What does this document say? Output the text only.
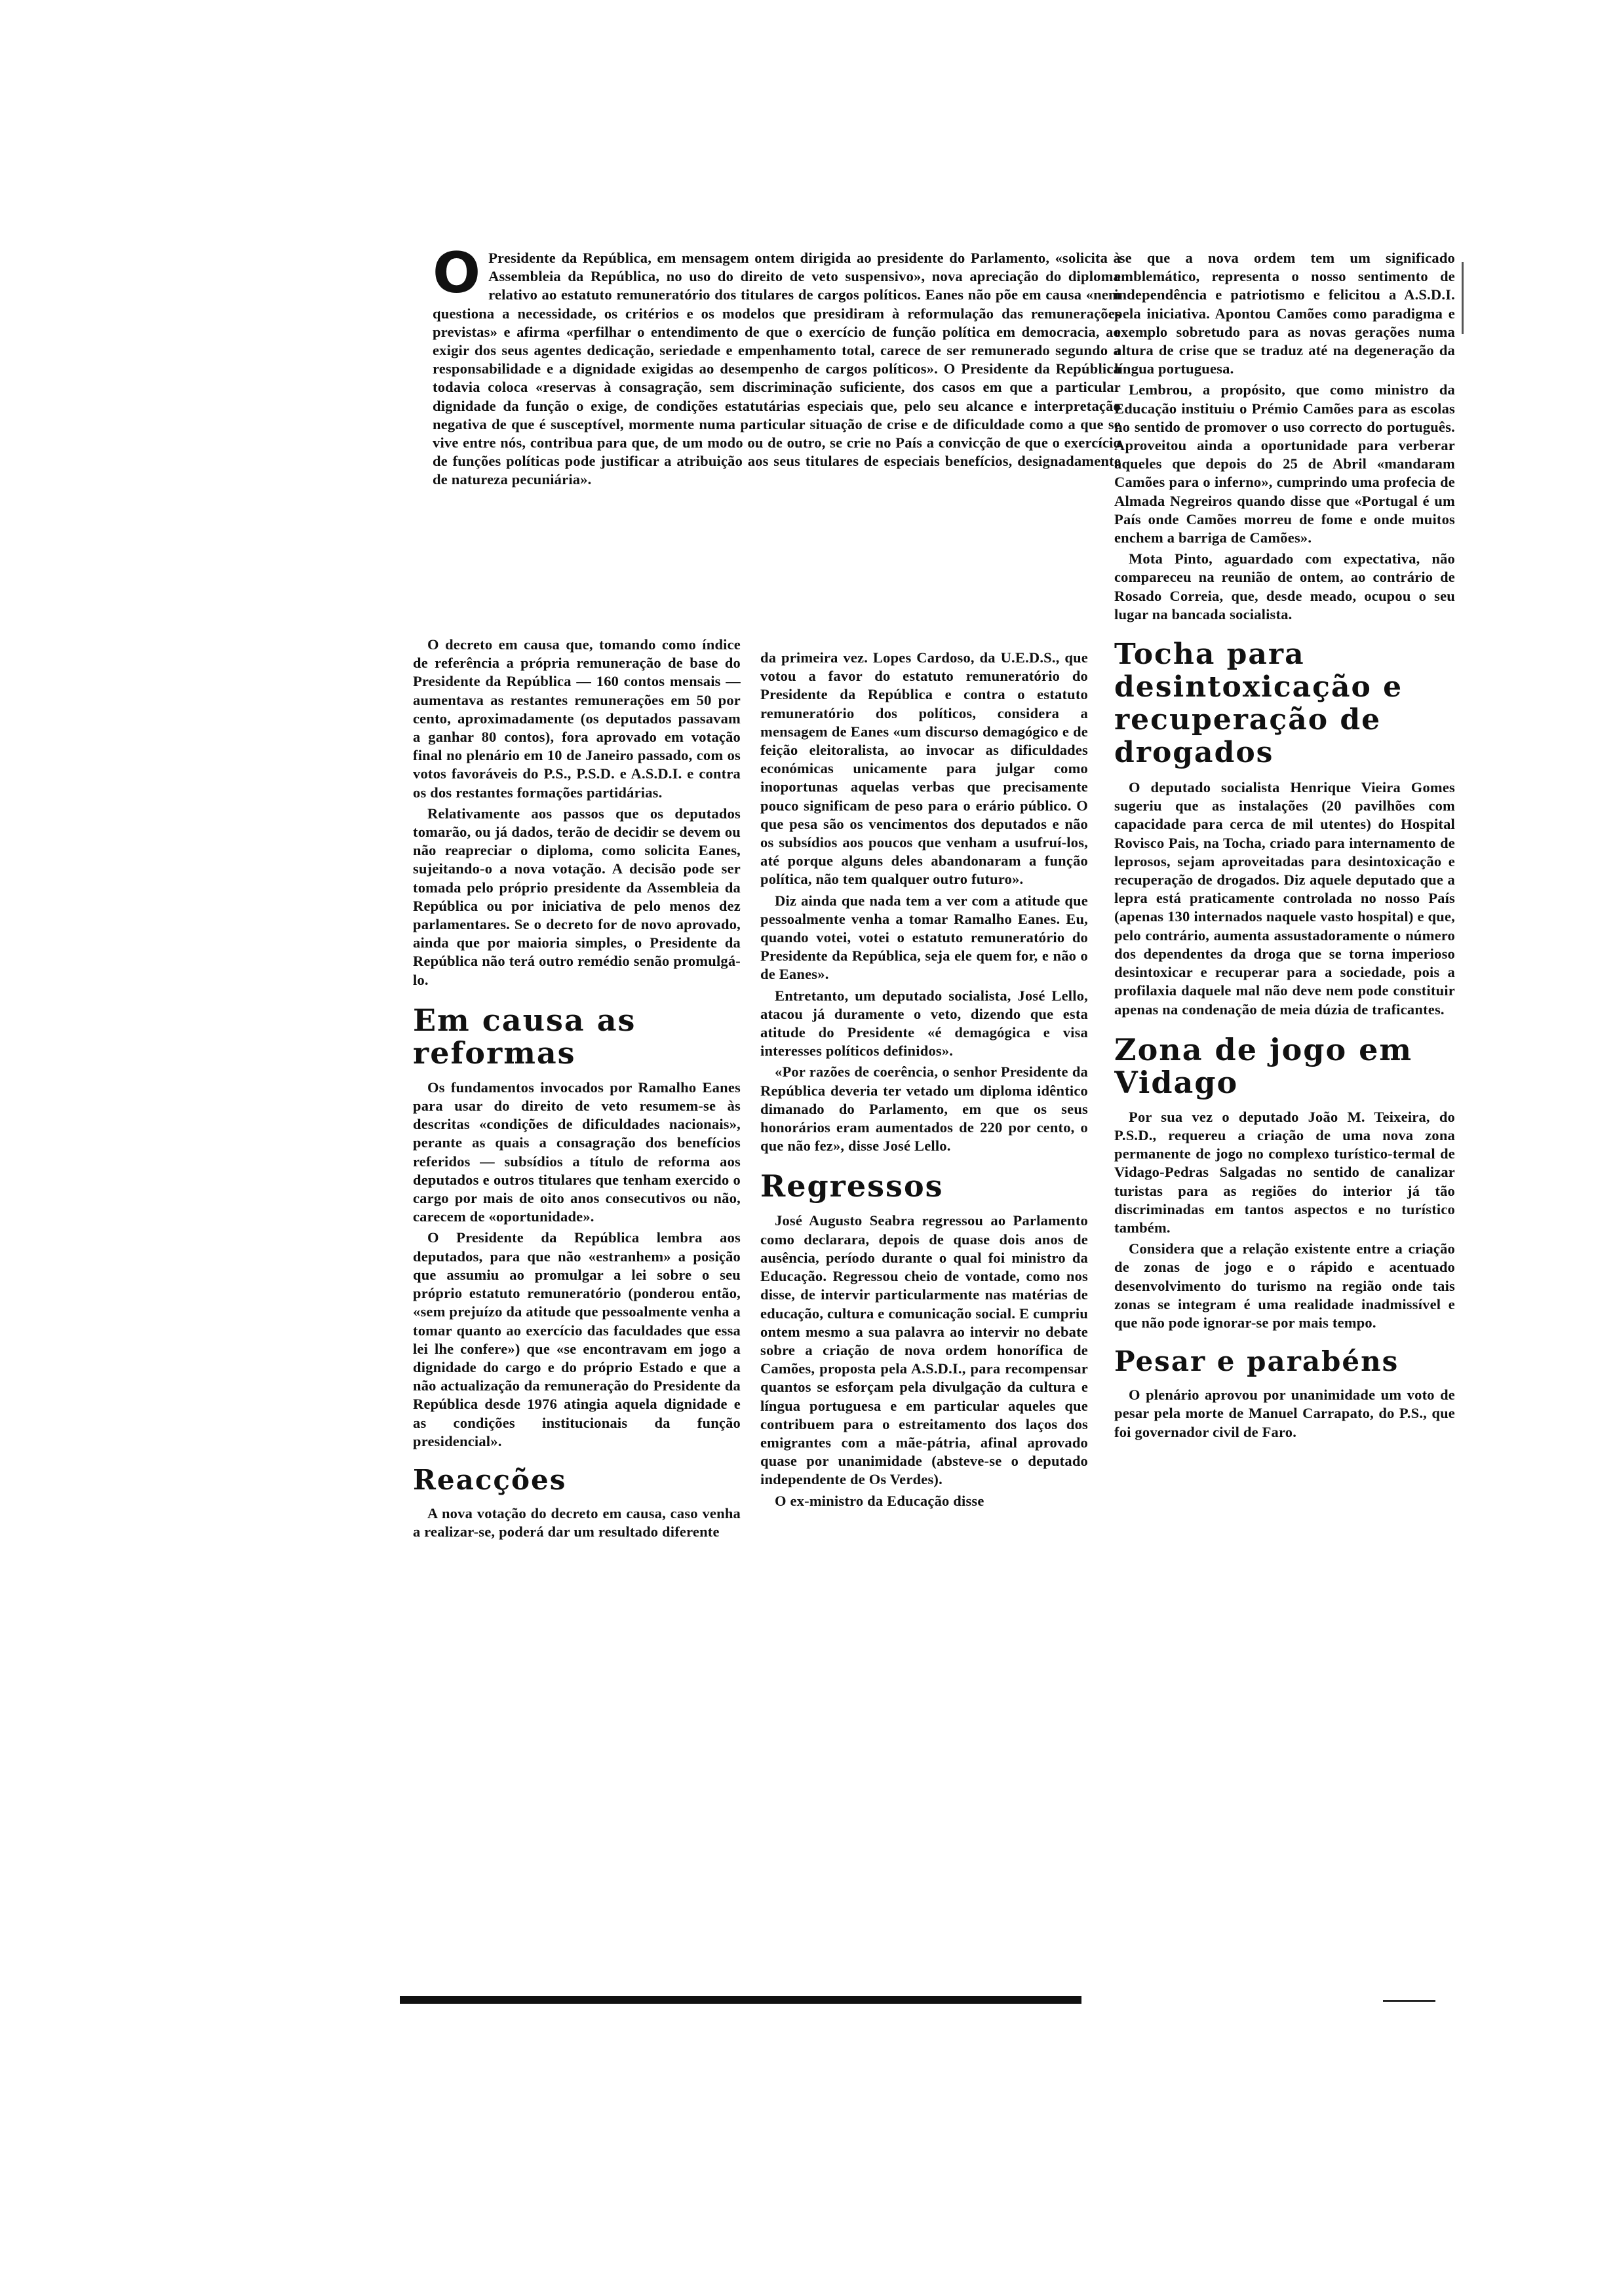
O Presidente da República, em mensagem ontem dirigida ao presidente do Parlamento, «solicita à Assembleia da República, no uso do direito de veto suspensivo», nova apreciação do diploma relativo ao estatuto remuneratório dos titulares de cargos políticos. Eanes não põe em causa «nem questiona a necessidade, os critérios e os modelos que presidiram à reformulação das remunerações previstas» e afirma «perfilhar o entendimento de que o exercício de função política em democracia, ao exigir dos seus agentes dedicação, seriedade e empenhamento total, carece de ser remunerado segundo a responsabilidade e a dignidade exigidas ao desempenho de cargos políticos». O Presidente da República todavia coloca «reservas à consagração, sem discriminação suficiente, dos casos em que a particular dignidade da função o exige, de condições estatutárias especiais que, pelo seu alcance e interpretação negativa de que é susceptível, mormente numa particular situação de crise e de dificuldade como a que se vive entre nós, contribua para que, de um modo ou de outro, se crie no País a convicção de que o exercício de funções políticas pode justificar a atribuição aos seus titulares de especiais benefícios, designadamente de natureza pecuniária».

O decreto em causa que, tomando como índice de referência a própria remuneração de base do Presidente da República — 160 contos mensais — aumentava as restantes remunerações em 50 por cento, aproximadamente (os deputados passavam a ganhar 80 contos), fora aprovado em votação final no plenário em 10 de Janeiro passado, com os votos favoráveis do P.S., P.S.D. e A.S.D.I. e contra os dos restantes formações partidárias.

Relativamente aos passos que os deputados tomarão, ou já dados, terão de decidir se devem ou não reapreciar o diploma, como solicita Eanes, sujeitando-o a nova votação. A decisão pode ser tomada pelo próprio presidente da Assembleia da República ou por iniciativa de pelo menos dez parlamentares. Se o decreto for de novo aprovado, ainda que por maioria simples, o Presidente da República não terá outro remédio senão promulgá-lo.

Em causa as reformas

Os fundamentos invocados por Ramalho Eanes para usar do direito de veto resumem-se às descritas «condições de dificuldades nacionais», perante as quais a consagração dos benefícios referidos — subsídios a título de reforma aos deputados e outros titulares que tenham exercido o cargo por mais de oito anos consecutivos ou não, carecem de «oportunidade».

O Presidente da República lembra aos deputados, para que não «estranhem» a posição que assumiu ao promulgar a lei sobre o seu próprio estatuto remuneratório (ponderou então, «sem prejuízo da atitude que pessoalmente venha a tomar quanto ao exercício das faculdades que essa lei lhe confere») que «se encontravam em jogo a dignidade do cargo e do próprio Estado e que a não actualização da remuneração do Presidente da República desde 1976 atingia aquela dignidade e as condições institucionais da função presidencial».

Reacções

A nova votação do decreto em causa, caso venha a realizar-se, poderá dar um resultado diferente

da primeira vez. Lopes Cardoso, da U.E.D.S., que votou a favor do estatuto remuneratório do Presidente da República e contra o estatuto remuneratório dos políticos, considera a mensagem de Eanes «um discurso demagógico e de feição eleitoralista, ao invocar as dificuldades económicas unicamente para julgar como inoportunas aquelas verbas que precisamente pouco significam de peso para o erário público. O que pesa são os vencimentos dos deputados e não os subsídios aos poucos que venham a usufruí-los, até porque alguns deles abandonaram a função política, não tem qualquer outro futuro».

Diz ainda que nada tem a ver com a atitude que pessoalmente venha a tomar Ramalho Eanes. Eu, quando votei, votei o estatuto remuneratório do Presidente da República, seja ele quem for, e não o de Eanes».

Entretanto, um deputado socialista, José Lello, atacou já duramente o veto, dizendo que esta atitude do Presidente «é demagógica e visa interesses políticos definidos».

«Por razões de coerência, o senhor Presidente da República deveria ter vetado um diploma idêntico dimanado do Parlamento, em que os seus honorários eram aumentados de 220 por cento, o que não fez», disse José Lello.

Regressos

José Augusto Seabra regressou ao Parlamento como declarara, depois de quase dois anos de ausência, período durante o qual foi ministro da Educação. Regressou cheio de vontade, como nos disse, de intervir particularmente nas matérias de educação, cultura e comunicação social. E cumpriu ontem mesmo a sua palavra ao intervir no debate sobre a criação de nova ordem honorífica de Camões, proposta pela A.S.D.I., para recompensar quantos se esforçam pela divulgação da cultura e língua portuguesa e em particular aqueles que contribuem para o estreitamento dos laços dos emigrantes com a mãe-pátria, afinal aprovado quase por unanimidade (absteve-se o deputado independente de Os Verdes).

O ex-ministro da Educação disse

-se que a nova ordem tem um significado emblemático, representa o nosso sentimento de independência e patriotismo e felicitou a A.S.D.I. pela iniciativa. Apontou Camões como paradigma e exemplo sobretudo para as novas gerações numa altura de crise que se traduz até na degeneração da língua portuguesa.

Lembrou, a propósito, que como ministro da Educação instituiu o Prémio Camões para as escolas no sentido de promover o uso correcto do português. Aproveitou ainda a oportunidade para verberar aqueles que depois do 25 de Abril «mandaram Camões para o inferno», cumprindo uma profecia de Almada Negreiros quando disse que «Portugal é um País onde Camões morreu de fome e onde muitos enchem a barriga de Camões».

Mota Pinto, aguardado com expectativa, não compareceu na reunião de ontem, ao contrário de Rosado Correia, que, desde meado, ocupou o seu lugar na bancada socialista.

Tocha para desintoxicação e recuperação de drogados

O deputado socialista Henrique Vieira Gomes sugeriu que as instalações (20 pavilhões com capacidade para cerca de mil utentes) do Hospital Rovisco Pais, na Tocha, criado para internamento de leprosos, sejam aproveitadas para desintoxicação e recuperação de drogados. Diz aquele deputado que a lepra está praticamente controlada no nosso País (apenas 130 internados naquele vasto hospital) e que, pelo contrário, aumenta assustadoramente o número dos dependentes da droga que se torna imperioso desintoxicar e recuperar para a sociedade, pois a profilaxia daquele mal não deve nem pode constituir apenas na condenação de meia dúzia de traficantes.

Zona de jogo em Vidago

Por sua vez o deputado João M. Teixeira, do P.S.D., requereu a criação de uma nova zona permanente de jogo no complexo turístico-termal de Vidago-Pedras Salgadas no sentido de canalizar turistas para as regiões do interior já tão discriminadas em tantos aspectos e no turístico também.

Considera que a relação existente entre a criação de zonas de jogo e o rápido e acentuado desenvolvimento do turismo na região onde tais zonas se integram é uma realidade inadmissível e que não pode ignorar-se por mais tempo.

Pesar e parabéns

O plenário aprovou por unanimidade um voto de pesar pela morte de Manuel Carrapato, do P.S., que foi governador civil de Faro.
